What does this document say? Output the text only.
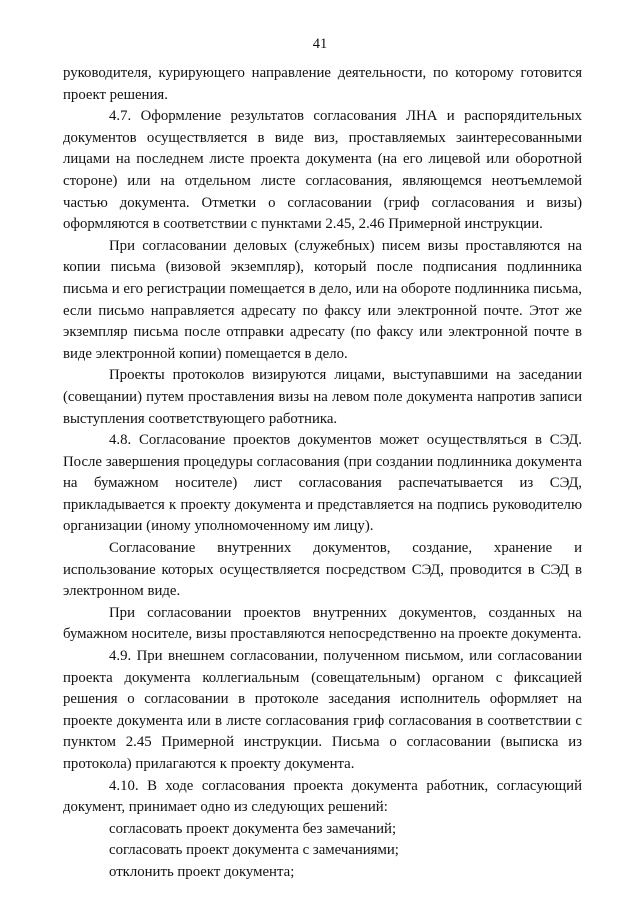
41

руководителя, курирующего направление деятельности, по которому готовится проект решения.

4.7. Оформление результатов согласования ЛНА и распорядительных документов осуществляется в виде виз, проставляемых заинтересованными лицами на последнем листе проекта документа (на его лицевой или оборотной стороне) или на отдельном листе согласования, являющемся неотъемлемой частью документа. Отметки о согласовании (гриф согласования и визы) оформляются в соответствии с пунктами 2.45, 2.46 Примерной инструкции.

При согласовании деловых (служебных) писем визы проставляются на копии письма (визовой экземпляр), который после подписания подлинника письма и его регистрации помещается в дело, или на обороте подлинника письма, если письмо направляется адресату по факсу или электронной почте. Этот же экземпляр письма после отправки адресату (по факсу или электронной почте в виде электронной копии) помещается в дело.

Проекты протоколов визируются лицами, выступавшими на заседании (совещании) путем проставления визы на левом поле документа напротив записи выступления соответствующего работника.

4.8. Согласование проектов документов может осуществляться в СЭД. После завершения процедуры согласования (при создании подлинника документа на бумажном носителе) лист согласования распечатывается из СЭД, прикладывается к проекту документа и представляется на подпись руководителю организации (иному уполномоченному им лицу).

Согласование внутренних документов, создание, хранение и использование которых осуществляется посредством СЭД, проводится в СЭД в электронном виде.

При согласовании проектов внутренних документов, созданных на бумажном носителе, визы проставляются непосредственно на проекте документа.

4.9. При внешнем согласовании, полученном письмом, или согласовании проекта документа коллегиальным (совещательным) органом с фиксацией решения о согласовании в протоколе заседания исполнитель оформляет на проекте документа или в листе согласования гриф согласования в соответствии с пунктом 2.45 Примерной инструкции. Письма о согласовании (выписка из протокола) прилагаются к проекту документа.

4.10. В ходе согласования проекта документа работник, согласующий документ, принимает одно из следующих решений:

согласовать проект документа без замечаний;

согласовать проект документа с замечаниями;

отклонить проект документа;
